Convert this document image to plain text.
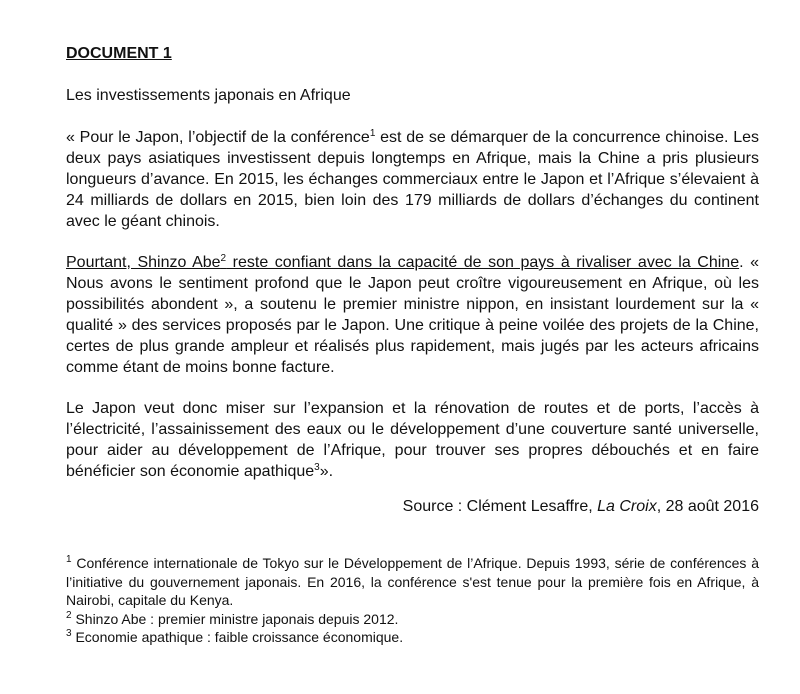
DOCUMENT 1

Les investissements japonais en Afrique

« Pour le Japon, l’objectif de la conférence$^1$ est de se démarquer de la concurrence chinoise. Les deux pays asiatiques investissent depuis longtemps en Afrique, mais la Chine a pris plusieurs longueurs d’avance. En 2015, les échanges commerciaux entre le Japon et l’Afrique s’élevaient à 24 milliards de dollars en 2015, bien loin des 179 milliards de dollars d’échanges du continent avec le géant chinois.

Pourtant, Shinzo Abe$^2$ reste confiant dans la capacité de son pays à rivaliser avec la Chine. « Nous avons le sentiment profond que le Japon peut croître vigoureusement en Afrique, où les possibilités abondent », a soutenu le premier ministre nippon, en insistant lourdement sur la « qualité » des services proposés par le Japon. Une critique à peine voilée des projets de la Chine, certes de plus grande ampleur et réalisés plus rapidement, mais jugés par les acteurs africains comme étant de moins bonne facture.

Le Japon veut donc miser sur l’expansion et la rénovation de routes et de ports, l’accès à l’électricité, l’assainissement des eaux ou le développement d’une couverture santé universelle, pour aider au développement de l’Afrique, pour trouver ses propres débouchés et en faire bénéficier son économie apathique$^3$».

Source : Clément Lesaffre, La Croix, 28 août 2016

$^1$ Conférence internationale de Tokyo sur le Développement de l’Afrique. Depuis 1993, série de conférences à l’initiative du gouvernement japonais. En 2016, la conférence s'est tenue pour la première fois en Afrique, à Nairobi, capitale du Kenya.

$^2$ Shinzo Abe : premier ministre japonais depuis 2012.

$^3$ Economie apathique : faible croissance économique.
